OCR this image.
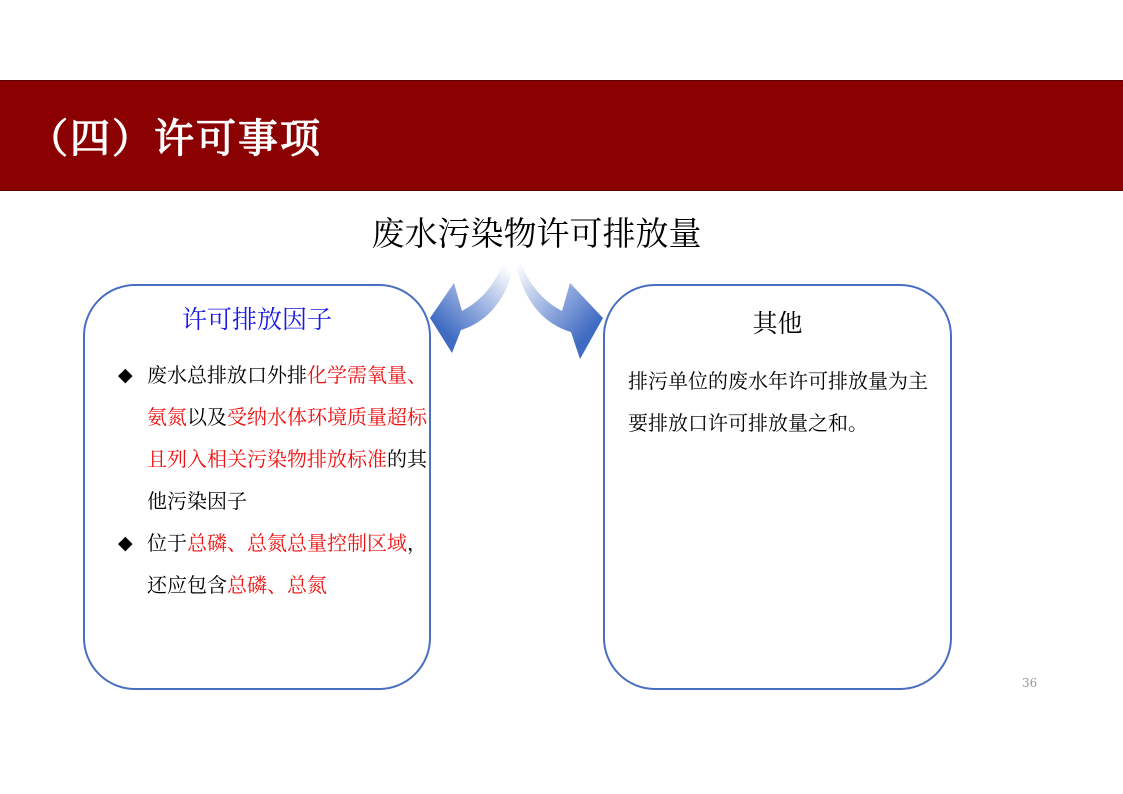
（四）许可事项
废水污染物许可排放量
许可排放因子
◆ 废水总排放口外排化学需氧量、氨氮以及受纳水体环境质量超标且列入相关污染物排放标准的其他污染因子
◆ 位于总磷、总氮总量控制区域，还应包含总磷、总氮
其他
排污单位的废水年许可排放量为主要排放口许可排放量之和。
36
